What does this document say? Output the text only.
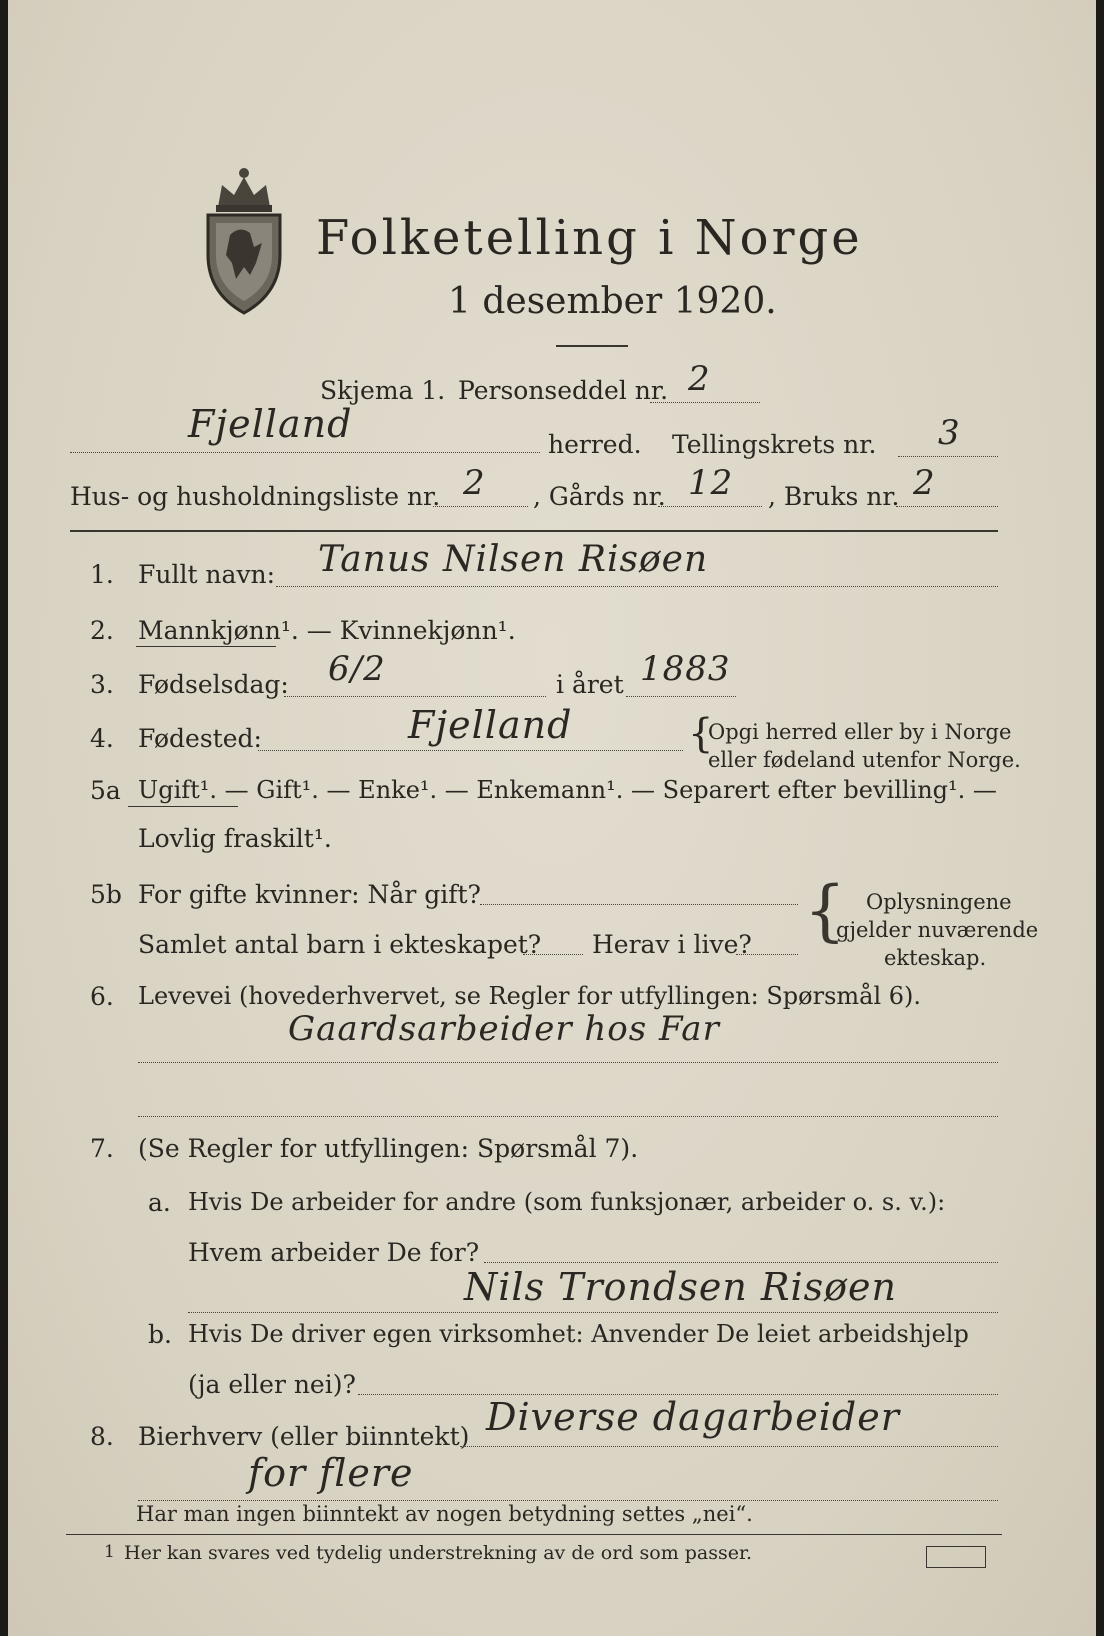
Folketelling i Norge
1 desember 1920.
Skjema 1. Personseddel nr. 2
Fjelland	herred. Tellingskrets nr. 3
Hus- og husholdningsliste nr. 2 , Gårds nr. 12 , Bruks nr. 2
1. Fullt navn: Tanus Nilsen Risøen
2. Mannkjønn¹. — Kvinnekjønn¹.
3. Fødselsdag: 6/2	i året 1883
4. Fødested:	Fjelland	{
Opgi herred eller by i Norge
eller fødeland utenfor Norge.
5a Ugift¹. — Gift¹. — Enke¹. — Enkemann¹. — Separert efter bevilling¹. —
Lovlig fraskilt¹.
5b For gifte kvinner: Når gift?
Samlet antal barn i ekteskapet? Herav i live? { Oplysningene
gjelder nuværende
ekteskap.
6. Levevei (hovederhvervet, se Regler for utfyllingen: Spørsmål 6).
Gaardsarbeider hos Far
7. (Se Regler for utfyllingen: Spørsmål 7).
a. Hvis De arbeider for andre (som funksjonær, arbeider o. s. v.):
Hvem arbeider De for?
Nils Trondsen Risøen
b. Hvis De driver egen virksomhet: Anvender De leiet arbeidshjelp
(ja eller nei)?
8. Bierhverv (eller biinntekt) Diverse dagarbeider
for flere
Har man ingen biinntekt av nogen betydning settes „nei“.
1 Her kan svares ved tydelig understrekning av de ord som passer.
